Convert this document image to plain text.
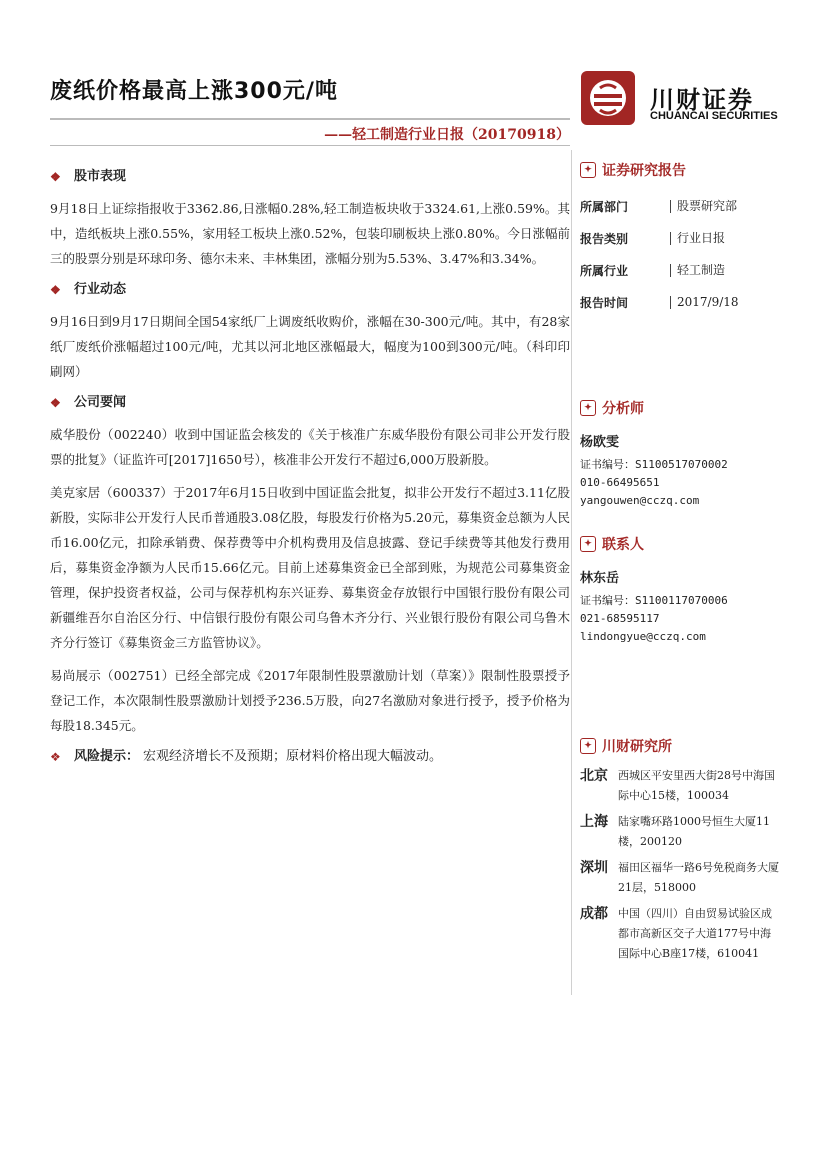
废纸价格最高上涨300元/吨
——轻工制造行业日报（20170918）
川财证券
CHUANCAI SECURITIES
❖	股市表现

9月18日上证综指报收于3362.86,日涨幅0.28%,轻工制造板块收于3324.61,上涨0.59%。其中，造纸板块上涨0.55%，家用轻工板块上涨0.52%，包装印刷板块上涨0.80%。今日涨幅前三的股票分别是环球印务、德尔未来、丰林集团，涨幅分别为5.53%、3.47%和3.34%。

❖	行业动态

9月16日到9月17日期间全国54家纸厂上调废纸收购价，涨幅在30-300元/吨。其中，有28家纸厂废纸价涨幅超过100元/吨，尤其以河北地区涨幅最大，幅度为100到300元/吨。（科印印刷网）

❖	公司要闻

威华股份（002240）收到中国证监会核发的《关于核准广东威华股份有限公司非公开发行股票的批复》（证监许可[2017]1650号），核准非公开发行不超过6,000万股新股。

美克家居（600337）于2017年6月15日收到中国证监会批复，拟非公开发行不超过3.11亿股新股，实际非公开发行人民币普通股3.08亿股，每股发行价格为5.20元，募集资金总额为人民币16.00亿元，扣除承销费、保荐费等中介机构费用及信息披露、登记手续费等其他发行费用后，募集资金净额为人民币15.66亿元。目前上述募集资金已全部到账，为规范公司募集资金管理，保护投资者权益，公司与保荐机构东兴证券、募集资金存放银行中国银行股份有限公司新疆维吾尔自治区分行、中信银行股份有限公司乌鲁木齐分行、兴业银行股份有限公司乌鲁木齐分行签订《募集资金三方监管协议》。

易尚展示（002751）已经全部完成《2017年限制性股票激励计划（草案）》限制性股票授予登记工作，本次限制性股票激励计划授予236.5万股，向27名激励对象进行授予，授予价格为每股18.345元。

❖	风险提示： 宏观经济增长不及预期；原材料价格出现大幅波动。
✦ 证券研究报告
所属部门	股票研究部
报告类别	行业日报
所属行业	轻工制造
报告时间	2017/9/18
✦ 分析师
杨欧雯
证书编号：S1100517070002
010-66495651
yangouwen@cczq.com
✦ 联系人
林东岳
证书编号：S1100117070006
021-68595117
lindongyue@cczq.com
✦ 川财研究所
北京 西城区平安里西大街28号中海国际中心15楼，100034
上海 陆家嘴环路1000号恒生大厦11楼，200120
深圳 福田区福华一路6号免税商务大厦21层，518000
成都 中国（四川）自由贸易试验区成都市高新区交子大道177号中海国际中心B座17楼，610041
